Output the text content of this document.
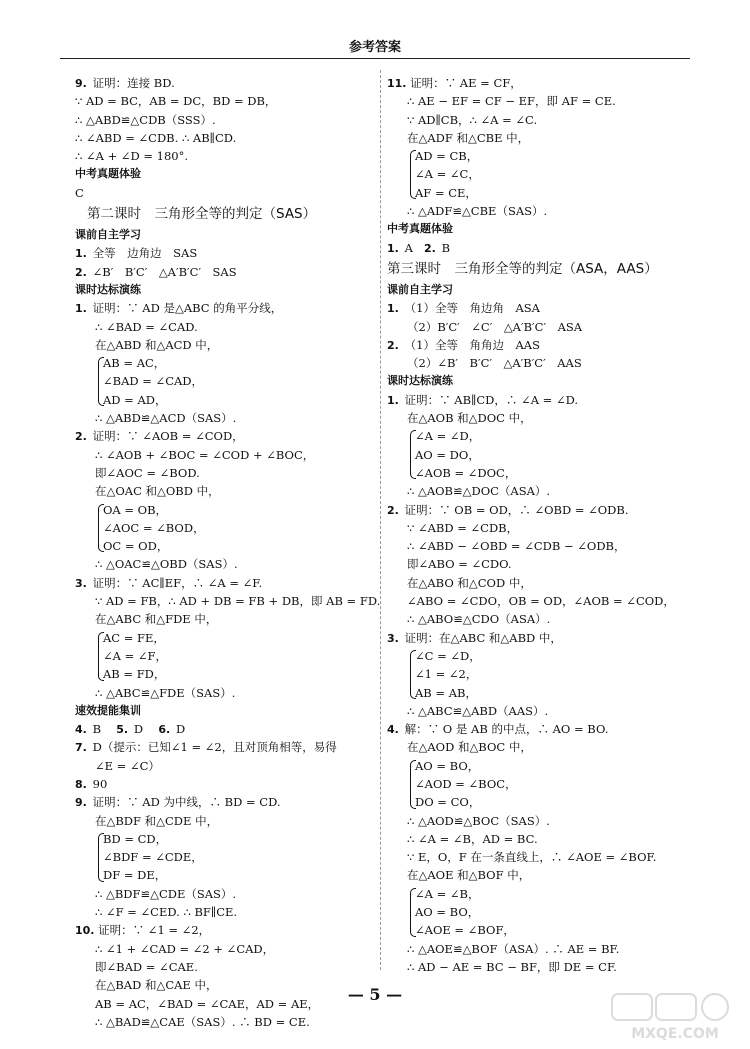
参考答案
9. 证明：连接 BD.
∵ AD = BC，AB = DC，BD = DB，
∴ △ABD≌△CDB（SSS）.
∴ ∠ABD = ∠CDB. ∴ AB∥CD.
∴ ∠A + ∠D = 180°.
中考真题体验
C
第二课时　三角形全等的判定（SAS）
课前自主学习
1. 全等　边角边　SAS
2. ∠B′　B′C′　△A′B′C′　SAS
课时达标演练
1. 证明：∵ AD 是△ABC 的角平分线，
∴ ∠BAD = ∠CAD.
在△ABD 和△ACD 中，
AB = AC，
∠BAD = ∠CAD，
AD = AD，
∴ △ABD≌△ACD（SAS）.
2. 证明：∵ ∠AOB = ∠COD，
∴ ∠AOB + ∠BOC = ∠COD + ∠BOC，
即∠AOC = ∠BOD.
在△OAC 和△OBD 中，
OA = OB，
∠AOC = ∠BOD，
OC = OD，
∴ △OAC≌△OBD（SAS）.
3. 证明：∵ AC∥EF，∴ ∠A = ∠F.
∵ AD = FB，∴ AD + DB = FB + DB，即 AB = FD.
在△ABC 和△FDE 中，
AC = FE，
∠A = ∠F，
AB = FD，
∴ △ABC≌△FDE（SAS）.
速效提能集训
4. B　 5. D　 6. D
7. D（提示：已知∠1 = ∠2，且对顶角相等，易得
∠E = ∠C）
8. 90
9. 证明：∵ AD 为中线，∴ BD = CD.
在△BDF 和△CDE 中，
BD = CD，
∠BDF = ∠CDE，
DF = DE，
∴ △BDF≌△CDE（SAS）.
∴ ∠F = ∠CED. ∴ BF∥CE.
10. 证明：∵ ∠1 = ∠2，
∴ ∠1 + ∠CAD = ∠2 + ∠CAD，
即∠BAD = ∠CAE.
在△BAD 和△CAE 中，
AB = AC，∠BAD = ∠CAE，AD = AE，
∴ △BAD≌△CAE（SAS）. ∴ BD = CE.
11. 证明：∵ AE = CF，
∴ AE − EF = CF − EF，即 AF = CE.
∵ AD∥CB，∴ ∠A = ∠C.
在△ADF 和△CBE 中，
AD = CB，
∠A = ∠C，
AF = CE，
∴ △ADF≌△CBE（SAS）.
中考真题体验
1. A 2. B
第三课时　三角形全等的判定（ASA，AAS）
课前自主学习
1. （1）全等　角边角　ASA
（2）B′C′　∠C′　△A′B′C′　ASA
2. （1）全等　角角边　AAS
（2）∠B′　B′C′　△A′B′C′　AAS
课时达标演练
1. 证明：∵ AB∥CD，∴ ∠A = ∠D.
在△AOB 和△DOC 中，
∠A = ∠D，
AO = DO，
∠AOB = ∠DOC，
∴ △AOB≌△DOC（ASA）.
2. 证明：∵ OB = OD，∴ ∠OBD = ∠ODB.
∵ ∠ABD = ∠CDB，
∴ ∠ABD − ∠OBD = ∠CDB − ∠ODB，
即∠ABO = ∠CDO.
在△ABO 和△COD 中，
∠ABO = ∠CDO，OB = OD，∠AOB = ∠COD，
∴ △ABO≌△CDO（ASA）.
3. 证明：在△ABC 和△ABD 中，
∠C = ∠D，
∠1 = ∠2，
AB = AB，
∴ △ABC≌△ABD（AAS）.
4. 解：∵ O 是 AB 的中点，∴ AO = BO.
在△AOD 和△BOC 中，
AO = BO，
∠AOD = ∠BOC，
DO = CO，
∴ △AOD≌△BOC（SAS）.
∴ ∠A = ∠B，AD = BC.
∵ E，O，F 在一条直线上，∴ ∠AOE = ∠BOF.
在△AOE 和△BOF 中，
∠A = ∠B，
AO = BO，
∠AOE = ∠BOF，
∴ △AOE≌△BOF（ASA）. ∴ AE = BF.
∴ AD − AE = BC − BF，即 DE = CF.
— 5 —
MXQE.COM
